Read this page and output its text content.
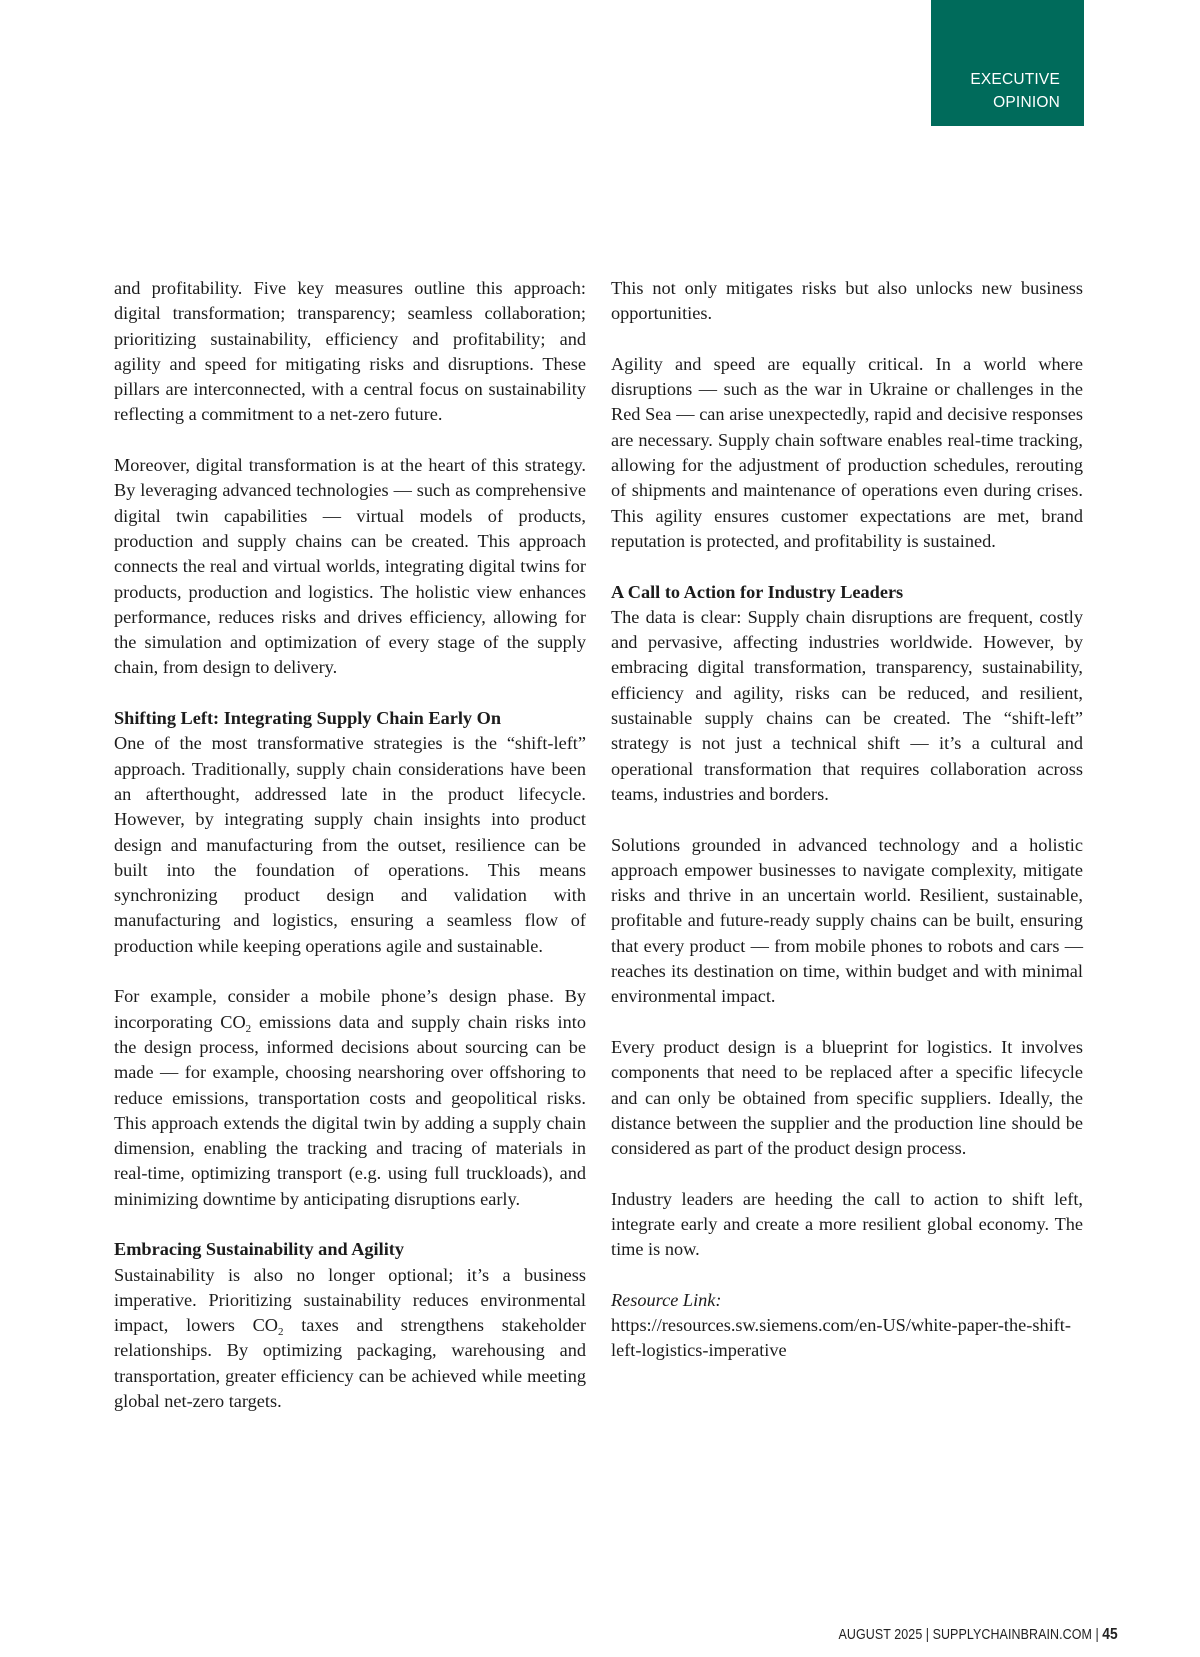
EXECUTIVE
OPINION

and profitability. Five key measures outline this approach: digital transformation; transparency; seamless collaboration; prioritizing sustainability, efficiency and profitability; and agility and speed for mitigating risks and disruptions. These pillars are interconnected, with a central focus on sustainability reflecting a commitment to a net-zero future.

Moreover, digital transformation is at the heart of this strategy. By leveraging advanced technologies — such as comprehensive digital twin capabilities — virtual models of products, production and supply chains can be created. This approach connects the real and virtual worlds, integrating digital twins for products, production and logistics. The holistic view enhances performance, reduces risks and drives efficiency, allowing for the simulation and optimization of every stage of the supply chain, from design to delivery.

Shifting Left: Integrating Supply Chain Early On

One of the most transformative strategies is the “shift-left” approach. Traditionally, supply chain considerations have been an afterthought, addressed late in the product lifecycle. However, by integrating supply chain insights into product design and manufacturing from the outset, resilience can be built into the foundation of operations. This means synchronizing product design and validation with manufacturing and logistics, ensuring a seamless flow of production while keeping operations agile and sustainable.

For example, consider a mobile phone’s design phase. By incorporating $CO_2$ emissions data and supply chain risks into the design process, informed decisions about sourcing can be made — for example, choosing nearshoring over offshoring to reduce emissions, transportation costs and geopolitical risks. This approach extends the digital twin by adding a supply chain dimension, enabling the tracking and tracing of materials in real-time, optimizing transport (e.g. using full truckloads), and minimizing downtime by anticipating disruptions early.

Embracing Sustainability and Agility

Sustainability is also no longer optional; it’s a business imperative. Prioritizing sustainability reduces environmental impact, lowers $CO_2$ taxes and strengthens stakeholder relationships. By optimizing packaging, warehousing and transportation, greater efficiency can be achieved while meeting global net-zero targets.

This not only mitigates risks but also unlocks new business opportunities.

Agility and speed are equally critical. In a world where disruptions — such as the war in Ukraine or challenges in the Red Sea — can arise unexpectedly, rapid and decisive responses are necessary. Supply chain software enables real-time tracking, allowing for the adjustment of production schedules, rerouting of shipments and maintenance of operations even during crises. This agility ensures customer expectations are met, brand reputation is protected, and profitability is sustained.

A Call to Action for Industry Leaders

The data is clear: Supply chain disruptions are frequent, costly and pervasive, affecting industries worldwide. However, by embracing digital transformation, transparency, sustainability, efficiency and agility, risks can be reduced, and resilient, sustainable supply chains can be created. The “shift-left” strategy is not just a technical shift — it’s a cultural and operational transformation that requires collaboration across teams, industries and borders.

Solutions grounded in advanced technology and a holistic approach empower businesses to navigate complexity, mitigate risks and thrive in an uncertain world. Resilient, sustainable, profitable and future-ready supply chains can be built, ensuring that every product — from mobile phones to robots and cars — reaches its destination on time, within budget and with minimal environmental impact.

Every product design is a blueprint for logistics. It involves components that need to be replaced after a specific lifecycle and can only be obtained from specific suppliers. Ideally, the distance between the supplier and the production line should be considered as part of the product design process.

Industry leaders are heeding the call to action to shift left, integrate early and create a more resilient global economy. The time is now.

Resource Link:
https://resources.sw.siemens.com/en-US/white-paper-the-shift-left-logistics-imperative

AUGUST 2025 | SUPPLYCHAINBRAIN.COM | 45
